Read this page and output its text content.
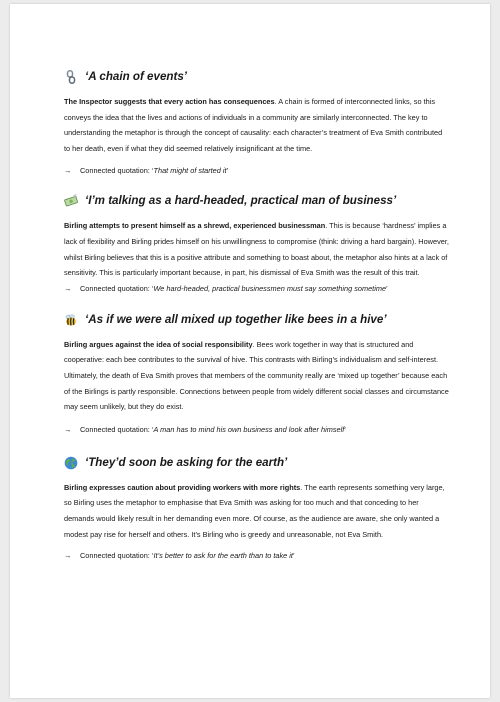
‘A chain of events’

The Inspector suggests that every action has consequences. A chain is formed of interconnected links, so this conveys the idea that the lives and actions of individuals in a community are similarly interconnected. The key to understanding the metaphor is through the concept of causality: each character’s treatment of Eva Smith contributed to her death, even if what they did seemed relatively insignificant at the time.

→	Connected quotation: ‘That might of started it’
‘I’m talking as a hard-headed, practical man of business’

Birling attempts to present himself as a shrewd, experienced businessman. This is because ‘hardness’ implies a lack of flexibility and Birling prides himself on his unwillingness to compromise (think: driving a hard bargain). However, whilst Birling believes that this is a positive attribute and something to boast about, the metaphor also hints at a lack of sensitivity. This is particularly important because, in part, his dismissal of Eva Smith was the result of this trait.

→	Connected quotation: ‘We hard-headed, practical businessmen must say something sometime’
‘As if we were all mixed up together like bees in a hive’

Birling argues against the idea of social responsibility. Bees work together in way that is structured and cooperative: each bee contributes to the survival of hive. This contrasts with Birling’s individualism and self-interest. Ultimately, the death of Eva Smith proves that members of the community really are ‘mixed up together’ because each of the Birlings is partly responsible. Connections between people from widely different social classes and circumstance may seem unlikely, but they do exist.

→	Connected quotation: ‘A man has to mind his own business and look after himself’
‘They’d soon be asking for the earth’

Birling expresses caution about providing workers with more rights. The earth represents something very large, so Birling uses the metaphor to emphasise that Eva Smith was asking for too much and that conceding to her demands would likely result in her demanding even more. Of course, as the audience are aware, she only wanted a modest pay rise for herself and others. It’s Birling who is greedy and unreasonable, not Eva Smith.

→	Connected quotation: ‘It’s better to ask for the earth than to take it’
